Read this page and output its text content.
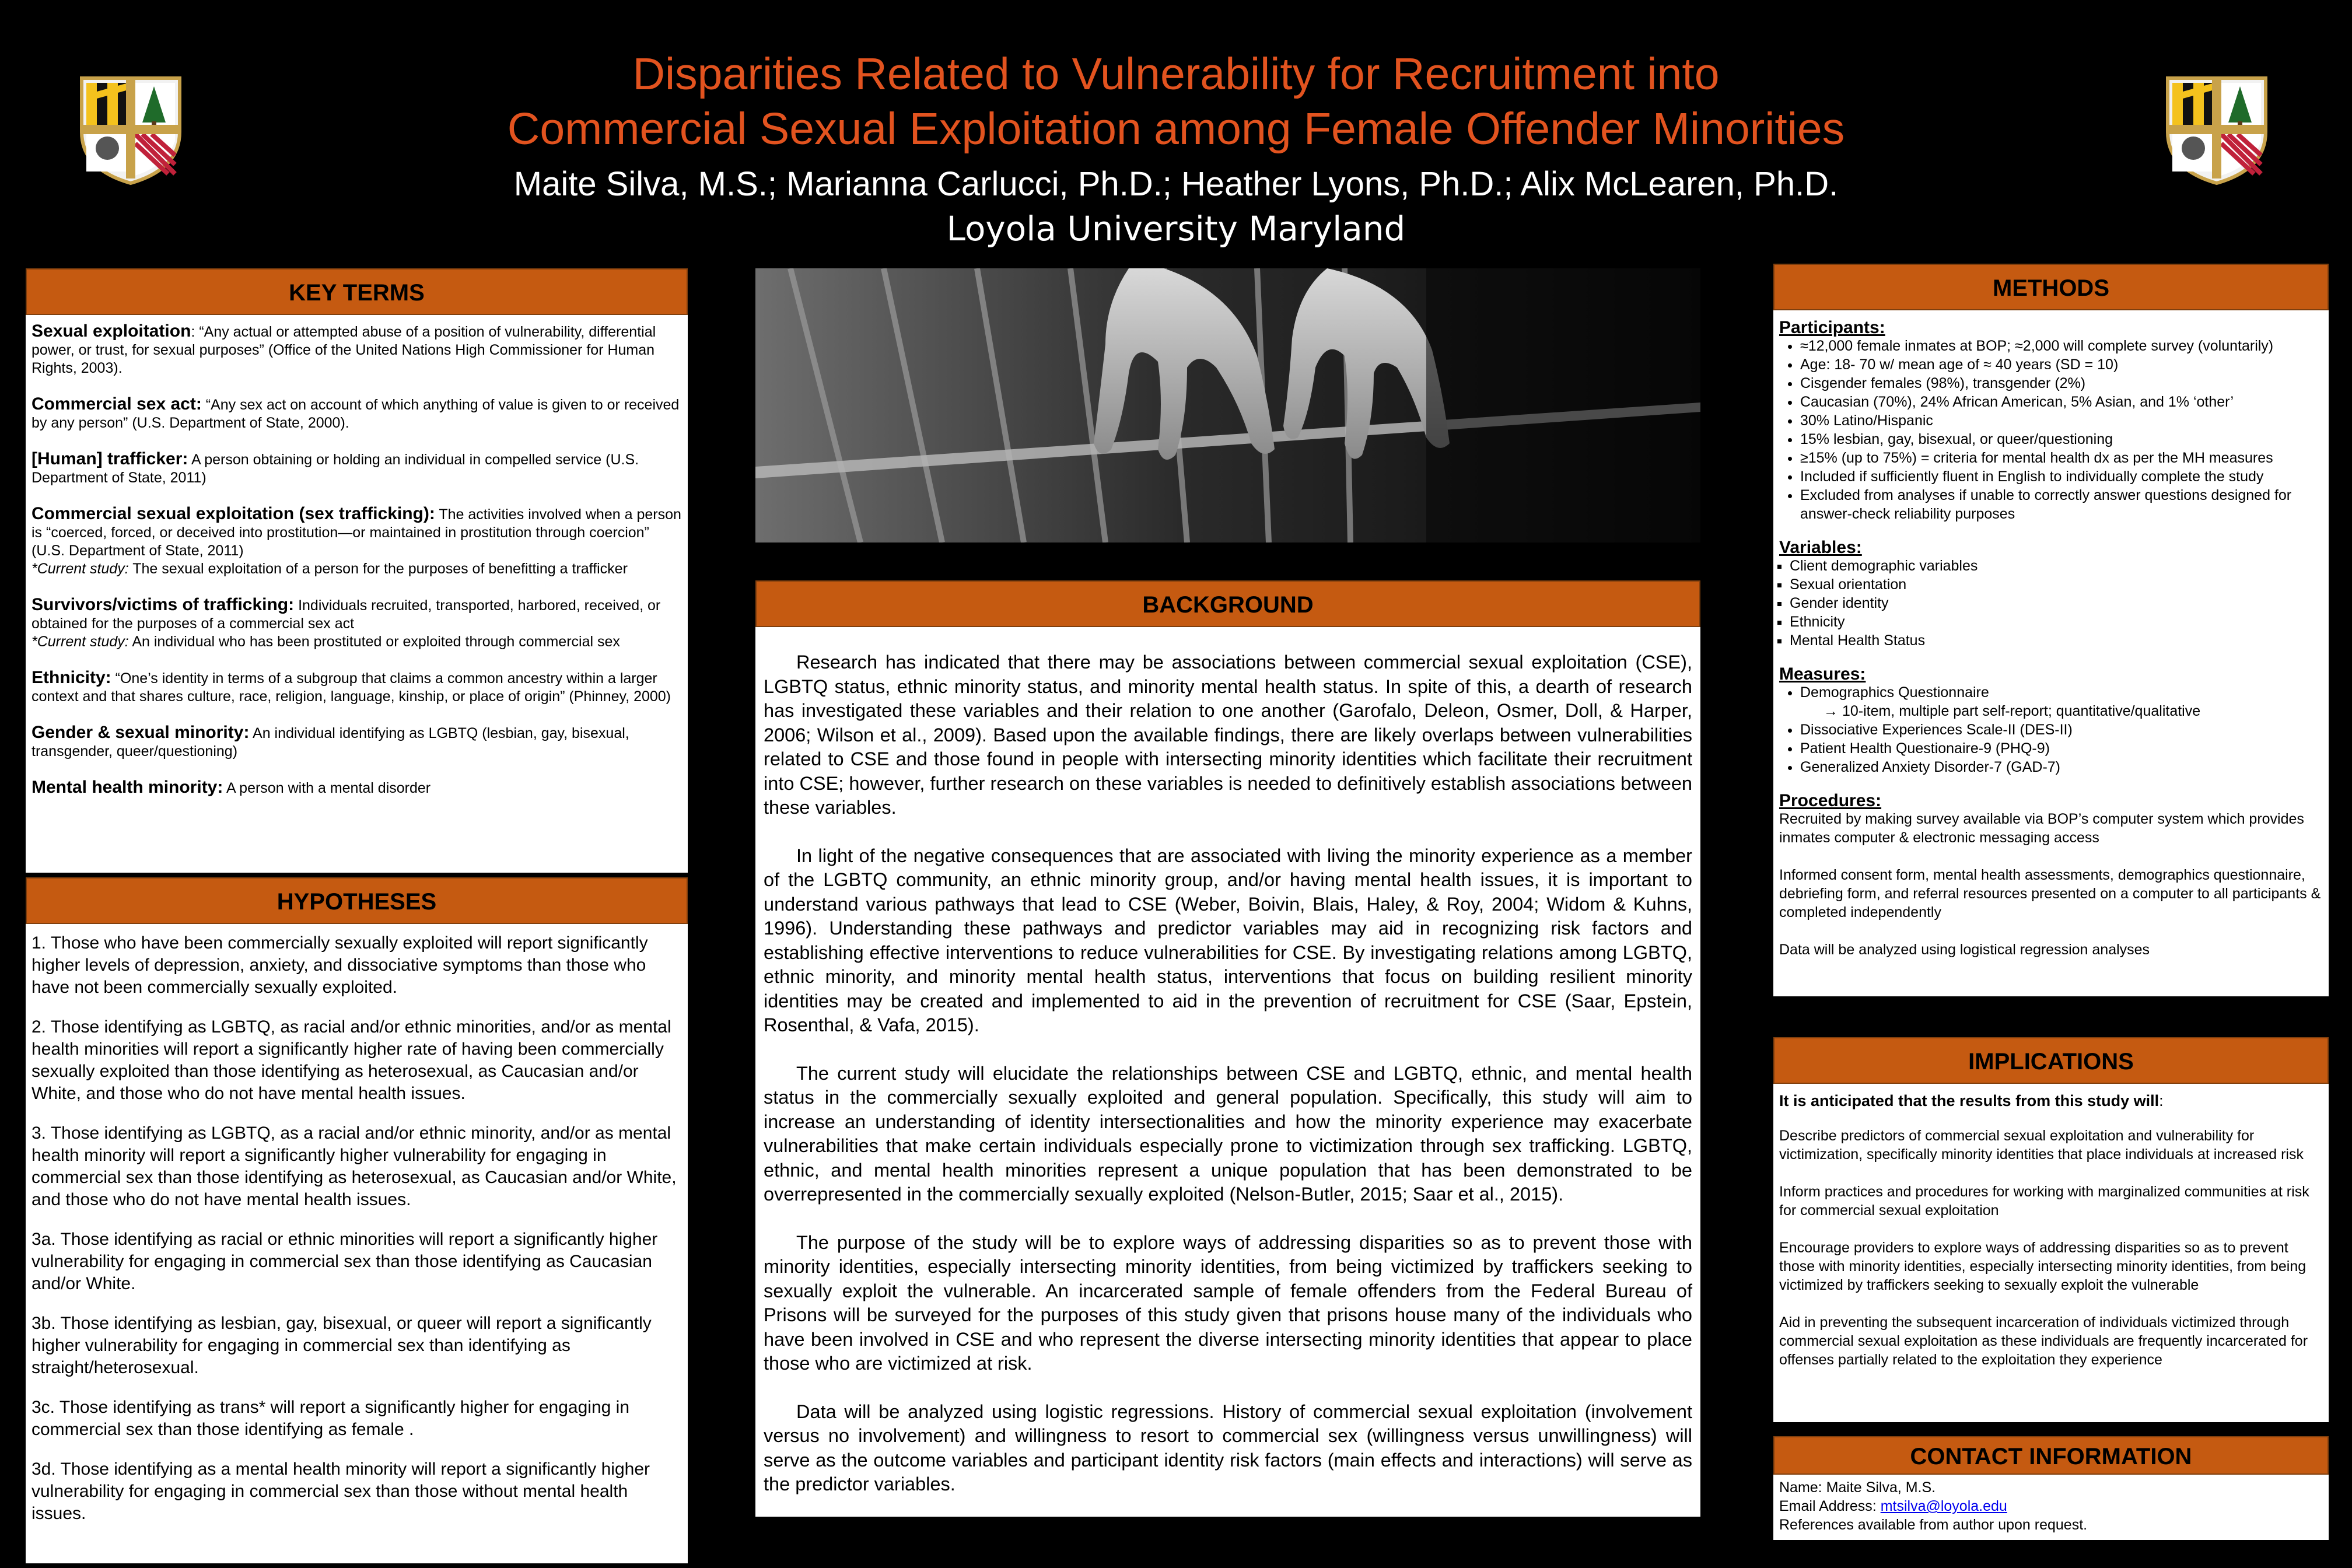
Disparities Related to Vulnerability for Recruitment into
Commercial Sexual Exploitation among Female Offender Minorities
Maite Silva, M.S.; Marianna Carlucci, Ph.D.; Heather Lyons, Ph.D.; Alix McLearen, Ph.D.
Loyola University Maryland
KEY TERMS

Sexual exploitation: “Any actual or attempted abuse of a position of vulnerability, differential power, or trust, for sexual purposes” (Office of the United Nations High Commissioner for Human Rights, 2003).

Commercial sex act: “Any sex act on account of which anything of value is given to or received by any person” (U.S. Department of State, 2000).

[Human] trafficker: A person obtaining or holding an individual in compelled service (U.S. Department of State, 2011)

Commercial sexual exploitation (sex trafficking): The activities involved when a person is “coerced, forced, or deceived into prostitution—or maintained in prostitution through coercion” (U.S. Department of State, 2011)
*Current study: The sexual exploitation of a person for the purposes of benefitting a trafficker

Survivors/victims of trafficking: Individuals recruited, transported, harbored, received, or obtained for the purposes of a commercial sex act
*Current study: An individual who has been prostituted or exploited through commercial sex

Ethnicity: “One’s identity in terms of a subgroup that claims a common ancestry within a larger context and that shares culture, race, religion, language, kinship, or place of origin” (Phinney, 2000)

Gender & sexual minority: An individual identifying as LGBTQ (lesbian, gay, bisexual, transgender, queer/questioning)

Mental health minority: A person with a mental disorder

HYPOTHESES

1. Those who have been commercially sexually exploited will report significantly higher levels of depression, anxiety, and dissociative symptoms than those who have not been commercially sexually exploited.

2. Those identifying as LGBTQ, as racial and/or ethnic minorities, and/or as mental health minorities will report a significantly higher rate of having been commercially sexually exploited than those identifying as heterosexual, as Caucasian and/or White, and those who do not have mental health issues.

3. Those identifying as LGBTQ, as a racial and/or ethnic minority, and/or as mental health minority will report a significantly higher vulnerability for engaging in commercial sex than those identifying as heterosexual, as Caucasian and/or White, and those who do not have mental health issues.

3a. Those identifying as racial or ethnic minorities will report a significantly higher vulnerability for engaging in commercial sex than those identifying as Caucasian and/or White.

3b. Those identifying as lesbian, gay, bisexual, or queer will report a significantly higher vulnerability for engaging in commercial sex than identifying as straight/heterosexual.

3c. Those identifying as trans* will report a significantly higher for engaging in commercial sex than those identifying as female .

3d. Those identifying as a mental health minority will report a significantly higher vulnerability for engaging in commercial sex than those without mental health issues.

BACKGROUND

Research has indicated that there may be associations between commercial sexual exploitation (CSE), LGBTQ status, ethnic minority status, and minority mental health status. In spite of this, a dearth of research has investigated these variables and their relation to one another (Garofalo, Deleon, Osmer, Doll, & Harper, 2006; Wilson et al., 2009). Based upon the available findings, there are likely overlaps between vulnerabilities related to CSE and those found in people with intersecting minority identities which facilitate their recruitment into CSE; however, further research on these variables is needed to definitively establish associations between these variables.

In light of the negative consequences that are associated with living the minority experience as a member of the LGBTQ community, an ethnic minority group, and/or having mental health issues, it is important to understand various pathways that lead to CSE (Weber, Boivin, Blais, Haley, & Roy, 2004; Widom & Kuhns, 1996). Understanding these pathways and predictor variables may aid in recognizing risk factors and establishing effective interventions to reduce vulnerabilities for CSE. By investigating relations among LGBTQ, ethnic minority, and minority mental health status, interventions that focus on building resilient minority identities may be created and implemented to aid in the prevention of recruitment for CSE (Saar, Epstein, Rosenthal, & Vafa, 2015).

The current study will elucidate the relationships between CSE and LGBTQ, ethnic, and mental health status in the commercially sexually exploited and general population. Specifically, this study will aim to increase an understanding of identity intersectionalities and how the minority experience may exacerbate vulnerabilities that make certain individuals especially prone to victimization through sex trafficking. LGBTQ, ethnic, and mental health minorities represent a unique population that has been demonstrated to be overrepresented in the commercially sexually exploited (Nelson-Butler, 2015; Saar et al., 2015).

The purpose of the study will be to explore ways of addressing disparities so as to prevent those with minority identities, especially intersecting minority identities, from being victimized by traffickers seeking to sexually exploit the vulnerable. An incarcerated sample of female offenders from the Federal Bureau of Prisons will be surveyed for the purposes of this study given that prisons house many of the individuals who have been involved in CSE and who represent the diverse intersecting minority identities that appear to place those who are victimized at risk.

Data will be analyzed using logistic regressions. History of commercial sexual exploitation (involvement versus no involvement) and willingness to resort to commercial sex (willingness versus unwillingness) will serve as the outcome variables and participant identity risk factors (main effects and interactions) will serve as the predictor variables.

METHODS
Participants:
• ≈12,000 female inmates at BOP; ≈2,000 will complete survey (voluntarily)
• Age: 18- 70 w/ mean age of ≈ 40 years (SD = 10)
• Cisgender females (98%), transgender (2%)
• Caucasian (70%), 24% African American, 5% Asian, and 1% ‘other’
• 30% Latino/Hispanic
• 15% lesbian, gay, bisexual, or queer/questioning
• ≥15% (up to 75%) = criteria for mental health dx as per the MH measures
• Included if sufficiently fluent in English to individually complete the study
• Excluded from analyses if unable to correctly answer questions designed for answer-check reliability purposes
Variables:
▪ Client demographic variables
▪ Sexual orientation
▪ Gender identity
▪ Ethnicity
▪ Mental Health Status
Measures:
• Demographics Questionnaire
→ 10-item, multiple part self-report; quantitative/qualitative
• Dissociative Experiences Scale-II (DES-II)
• Patient Health Questionaire-9 (PHQ-9)
• Generalized Anxiety Disorder-7 (GAD-7)
Procedures:

Recruited by making survey available via BOP’s computer system which provides inmates computer & electronic messaging access

Informed consent form, mental health assessments, demographics questionnaire, debriefing form, and referral resources presented on a computer to all participants & completed independently

Data will be analyzed using logistical regression analyses

IMPLICATIONS
It is anticipated that the results from this study will:

Describe predictors of commercial sexual exploitation and vulnerability for victimization, specifically minority identities that place individuals at increased risk

Inform practices and procedures for working with marginalized communities at risk for commercial sexual exploitation

Encourage providers to explore ways of addressing disparities so as to prevent those with minority identities, especially intersecting minority identities, from being victimized by traffickers seeking to sexually exploit the vulnerable

Aid in preventing the subsequent incarceration of individuals victimized through commercial sexual exploitation as these individuals are frequently incarcerated for offenses partially related to the exploitation they experience

CONTACT INFORMATION
Name: Maite Silva, M.S.
Email Address: mtsilva@loyola.edu
References available from author upon request.
